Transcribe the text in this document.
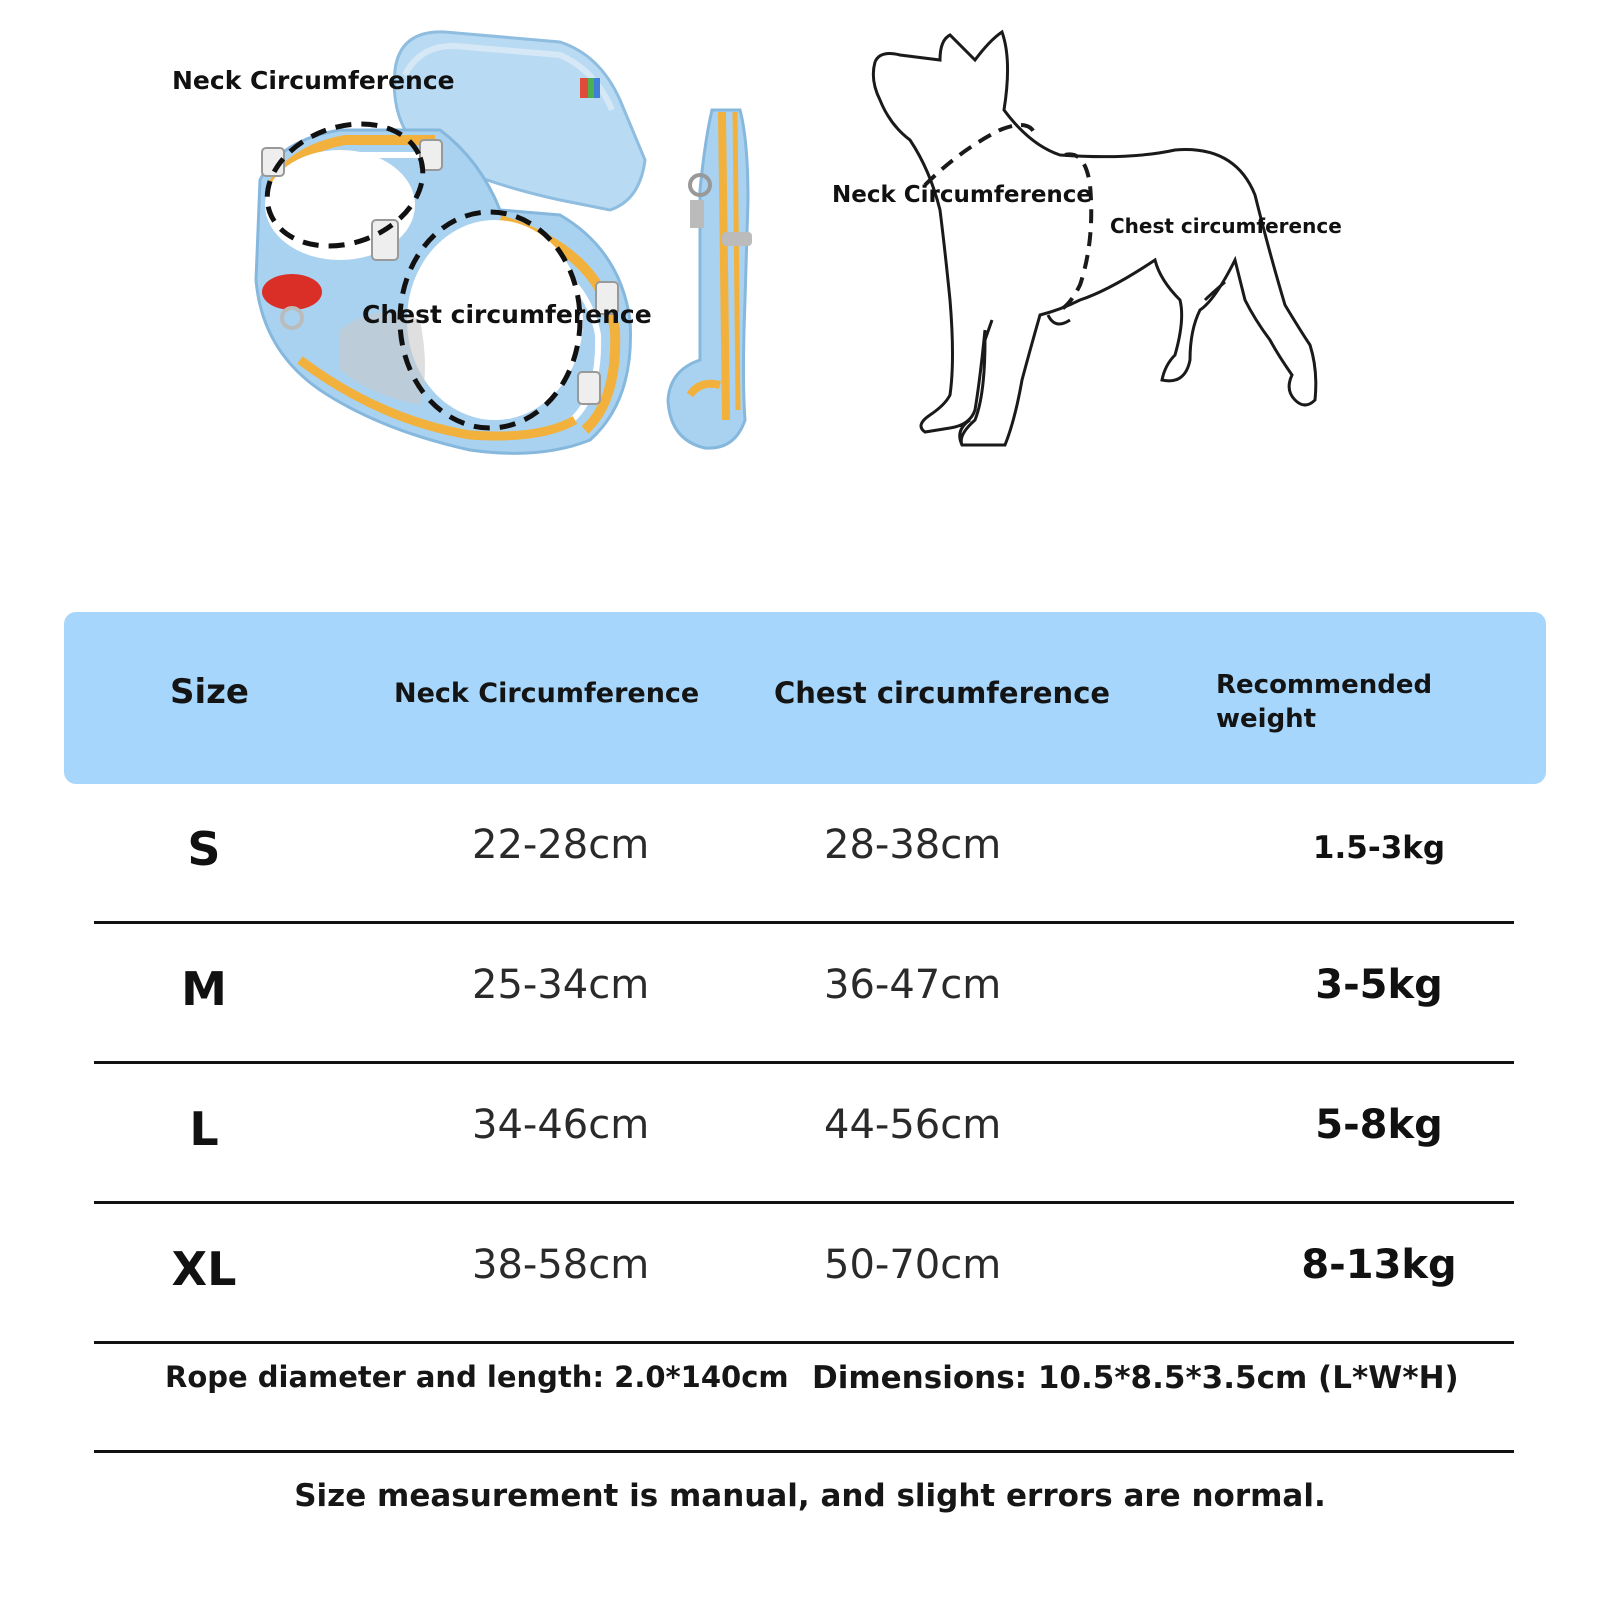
Neck Circumference
Chest circumference
Neck Circumference
Chest circumference
Size	Neck Circumference	Chest circumference	Recommended weight
S	22-28cm	28-38cm	1.5-3kg
M	25-34cm	36-47cm	3-5kg
L	34-46cm	44-56cm	5-8kg
XL	38-58cm	50-70cm	8-13kg
Rope diameter and length: 2.0*140cm Dimensions: 10.5*8.5*3.5cm (L*W*H)
Size measurement is manual, and slight errors are normal.
